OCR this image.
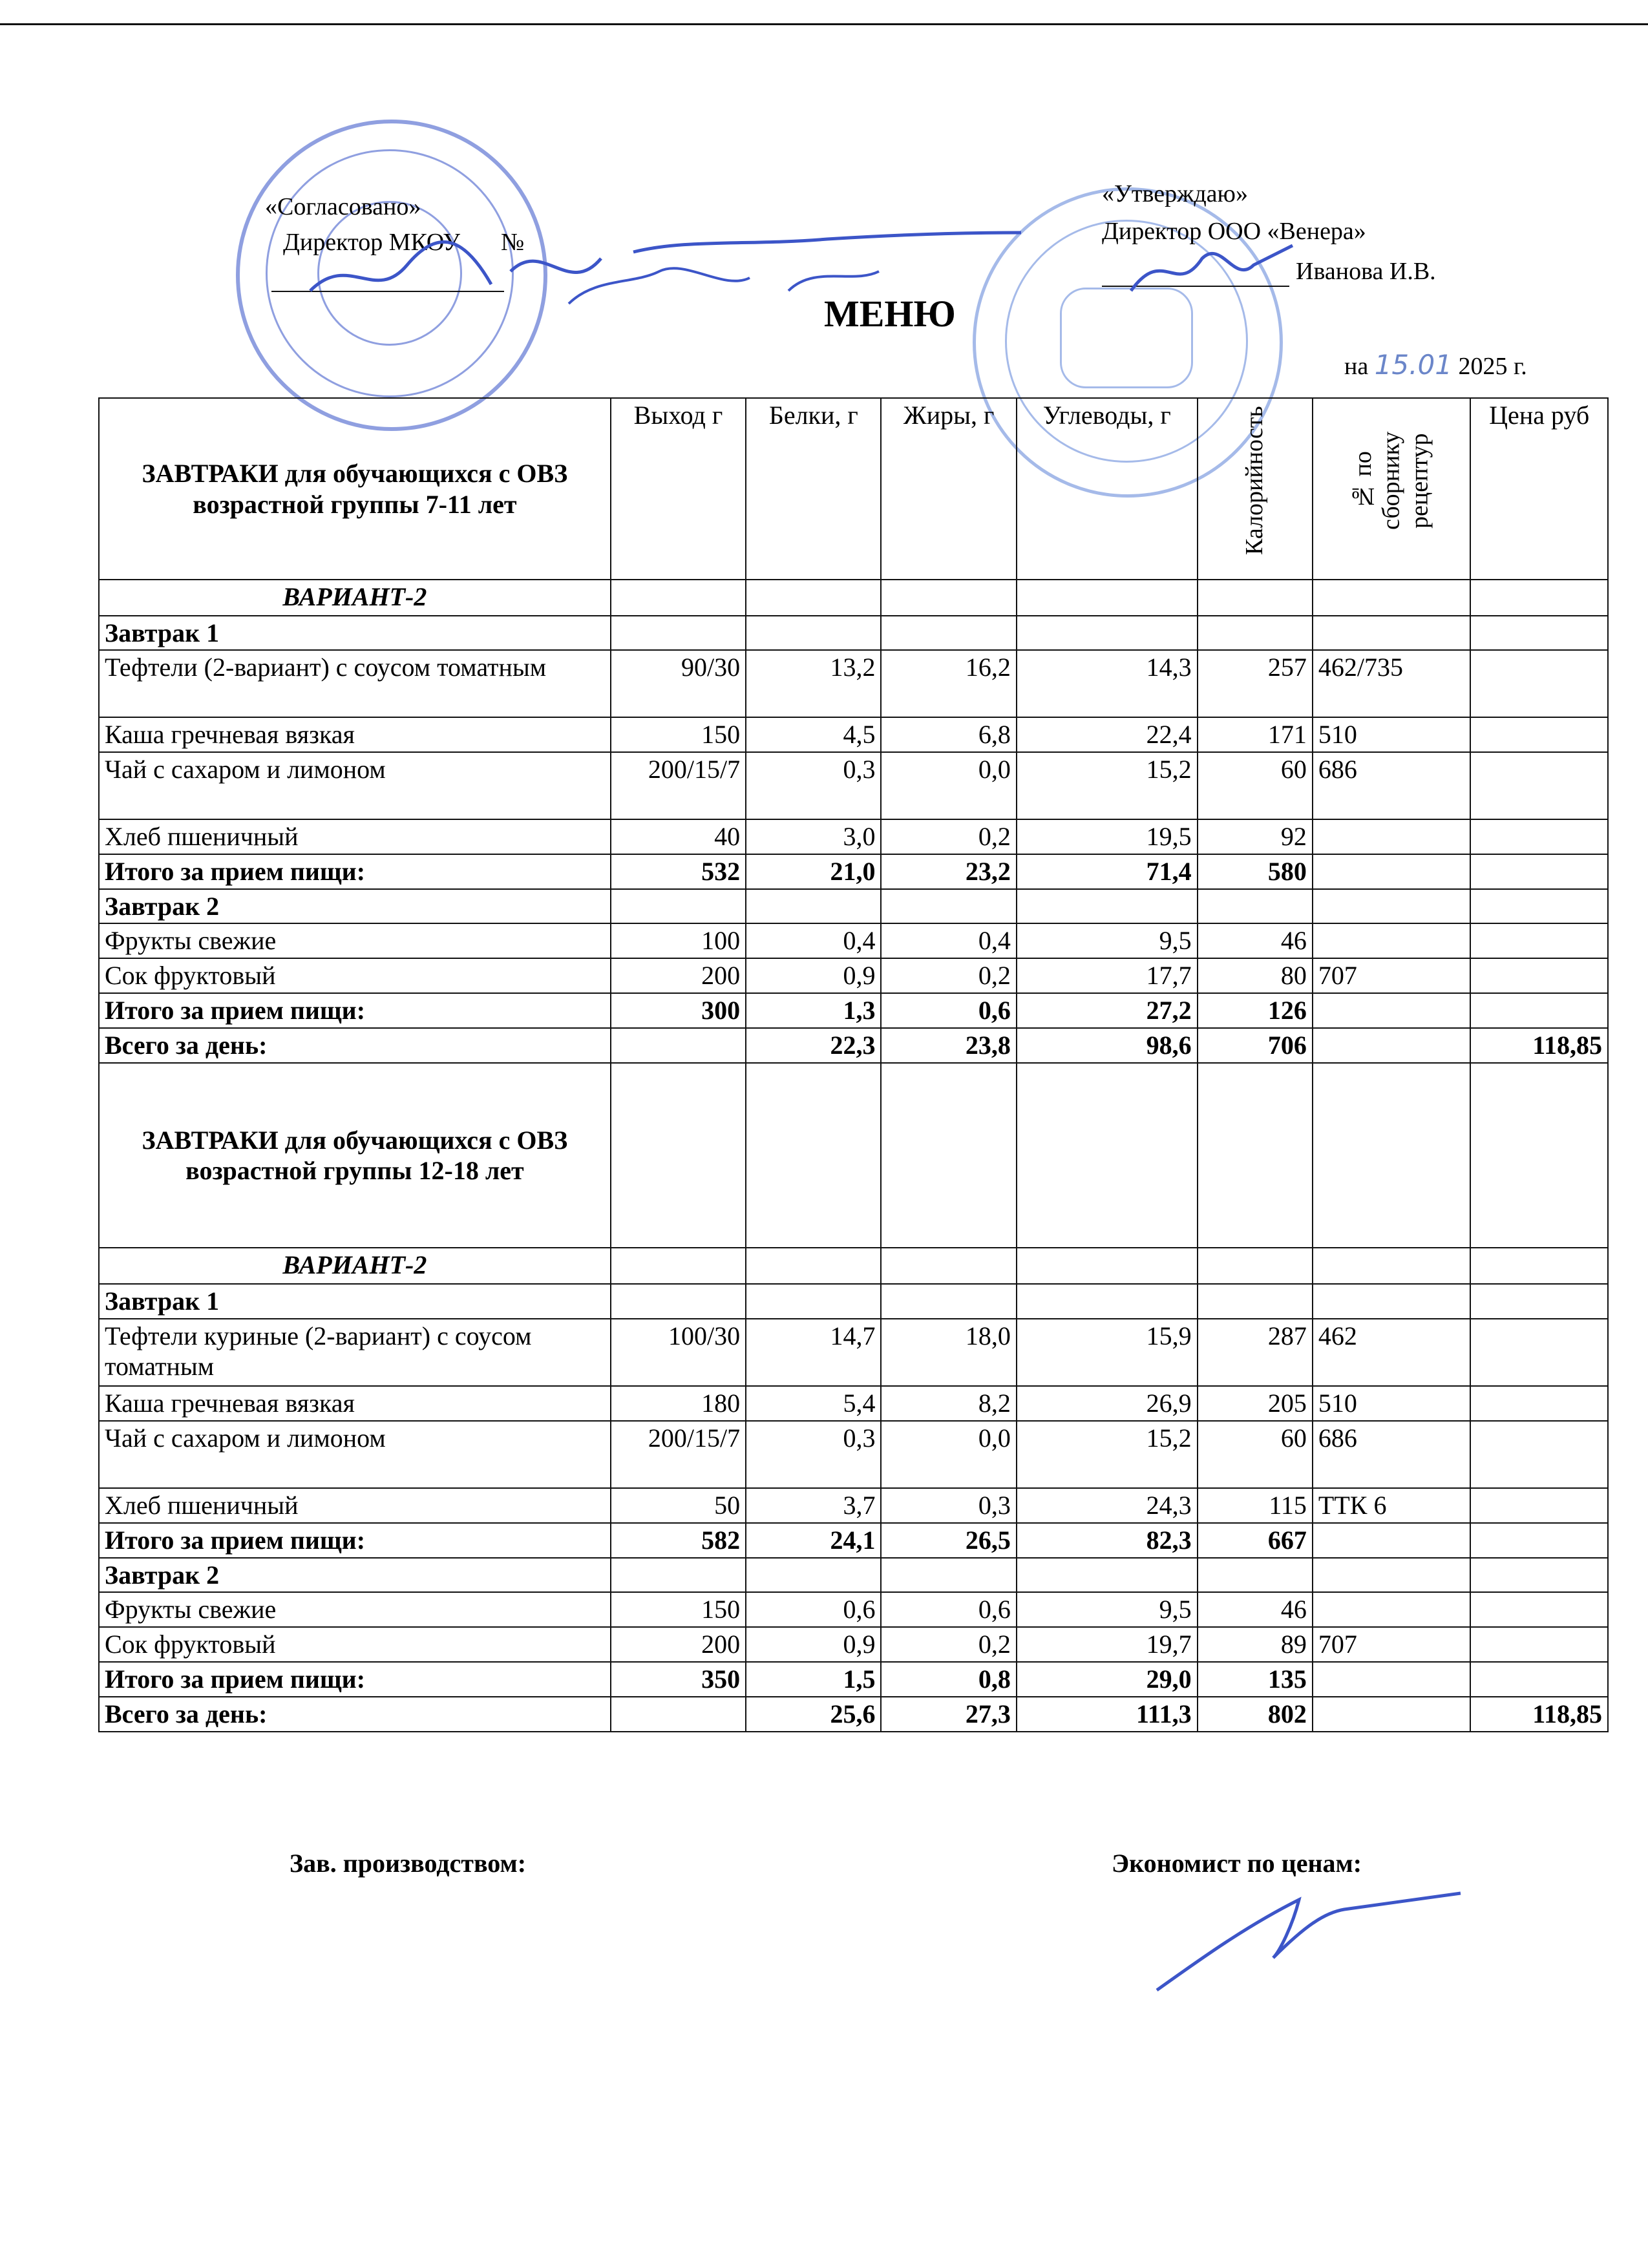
«Согласовано»
Директор МКОУ №
«Утверждаю»
Директор ООО «Венера»
Иванова И.В.
МЕНЮ
на 15.01 2025 г.
ЗАВТРАКИ для обучающихся с ОВЗ возрастной группы 7-11 лет	Выход г	Белки, г	Жиры, г	Углеводы, г	Калорийность	№ по сборнику рецептур	Цена руб
ВАРИАНТ-2							
Завтрак 1							
Тефтели (2-вариант) с соусом томатным	90/30	13,2	16,2	14,3	257	462/735	
Каша гречневая вязкая	150	4,5	6,8	22,4	171	510	
Чай с сахаром и лимоном	200/15/7	0,3	0,0	15,2	60	686	
Хлеб пшеничный	40	3,0	0,2	19,5	92		
Итого за прием пищи:	532	21,0	23,2	71,4	580		
Завтрак 2							
Фрукты свежие	100	0,4	0,4	9,5	46		
Сок фруктовый	200	0,9	0,2	17,7	80	707	
Итого за прием пищи:	300	1,3	0,6	27,2	126		
Всего за день:		22,3	23,8	98,6	706		118,85
ЗАВТРАКИ для обучающихся с ОВЗ возрастной группы 12-18 лет							
ВАРИАНТ-2							
Завтрак 1							
Тефтели куриные (2-вариант) с соусом томатным	100/30	14,7	18,0	15,9	287	462	
Каша гречневая вязкая	180	5,4	8,2	26,9	205	510	
Чай с сахаром и лимоном	200/15/7	0,3	0,0	15,2	60	686	
Хлеб пшеничный	50	3,7	0,3	24,3	115	ТТК 6	
Итого за прием пищи:	582	24,1	26,5	82,3	667		
Завтрак 2							
Фрукты свежие	150	0,6	0,6	9,5	46		
Сок фруктовый	200	0,9	0,2	19,7	89	707	
Итого за прием пищи:	350	1,5	0,8	29,0	135		
Всего за день:		25,6	27,3	111,3	802		118,85
Зав. производством:	Экономист по ценам:
